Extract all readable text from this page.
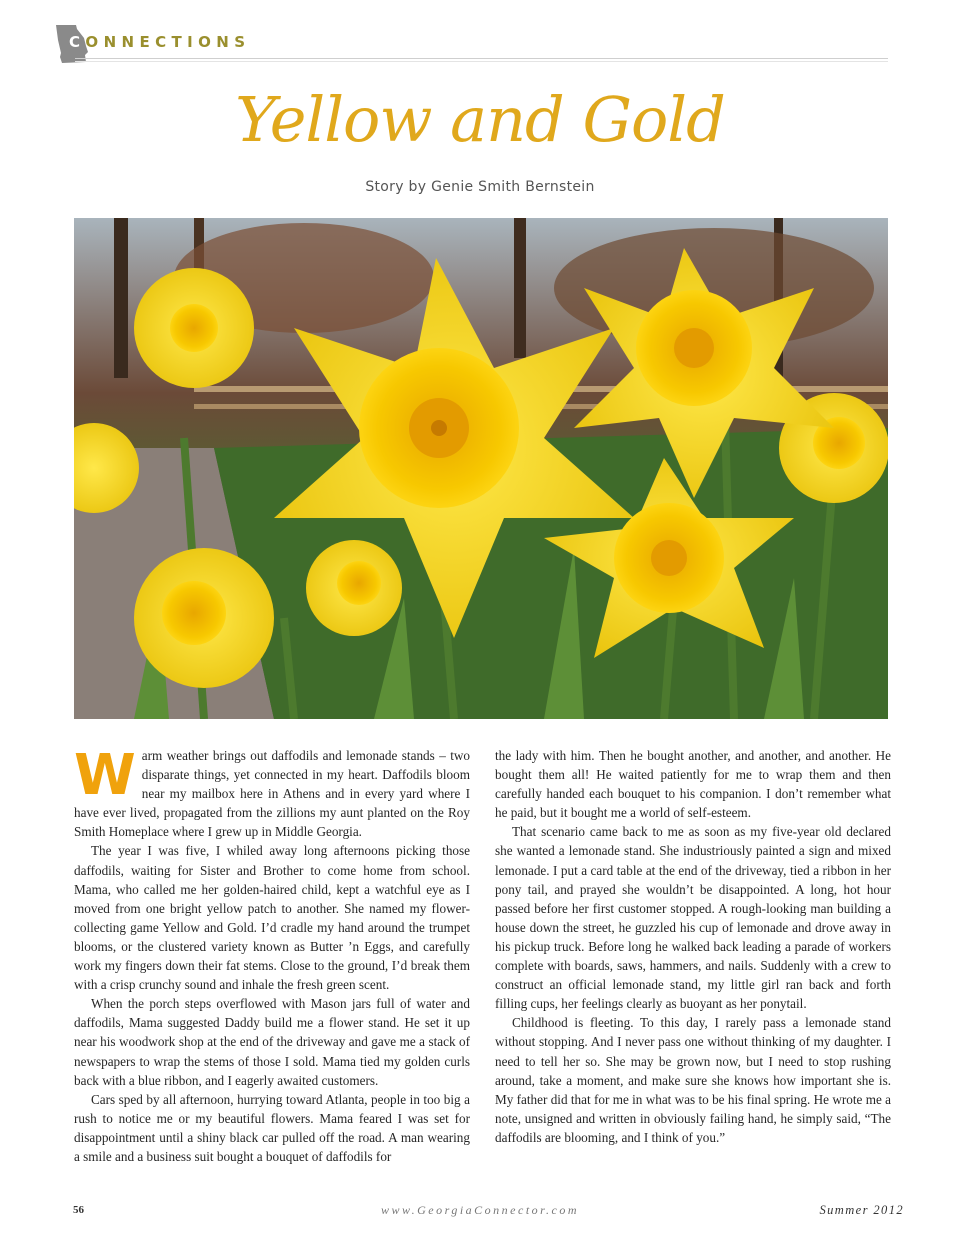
CONNECTIONS
Yellow and Gold
Story by Genie Smith Bernstein

Warm weather brings out daffodils and lemonade stands – two disparate things, yet connected in my heart. Daffodils bloom near my mailbox here in Athens and in every yard where I have ever lived, propagated from the zillions my aunt planted on the Roy Smith Homeplace where I grew up in Middle Georgia.

The year I was five, I whiled away long afternoons picking those daffodils, waiting for Sister and Brother to come home from school. Mama, who called me her golden-haired child, kept a watchful eye as I moved from one bright yellow patch to another. She named my flower-collecting game Yellow and Gold. I’d cradle my hand around the trumpet blooms, or the clustered variety known as Butter ’n Eggs, and carefully work my fingers down their fat stems. Close to the ground, I’d break them with a crisp crunchy sound and inhale the fresh green scent.

When the porch steps overflowed with Mason jars full of water and daffodils, Mama suggested Daddy build me a flower stand. He set it up near his woodwork shop at the end of the driveway and gave me a stack of newspapers to wrap the stems of those I sold. Mama tied my golden curls back with a blue ribbon, and I eagerly awaited customers.

Cars sped by all afternoon, hurrying toward Atlanta, people in too big a rush to notice me or my beautiful flowers. Mama feared I was set for disappointment until a shiny black car pulled off the road. A man wearing a smile and a business suit bought a bouquet of daffodils for

the lady with him. Then he bought another, and another, and another. He bought them all! He waited patiently for me to wrap them and then carefully handed each bouquet to his companion. I don’t remember what he paid, but it bought me a world of self-esteem.

That scenario came back to me as soon as my five-year old declared she wanted a lemonade stand. She industriously painted a sign and mixed lemonade. I put a card table at the end of the driveway, tied a ribbon in her pony tail, and prayed she wouldn’t be disappointed. A long, hot hour passed before her first customer stopped. A rough-looking man building a house down the street, he guzzled his cup of lemonade and drove away in his pickup truck. Before long he walked back leading a parade of workers complete with boards, saws, hammers, and nails. Suddenly with a crew to construct an official lemonade stand, my little girl ran back and forth filling cups, her feelings clearly as buoyant as her ponytail.

Childhood is fleeting. To this day, I rarely pass a lemonade stand without stopping. And I never pass one without thinking of my daughter. I need to tell her so. She may be grown now, but I need to stop rushing around, take a moment, and make sure she knows how important she is. My father did that for me in what was to be his final spring. He wrote me a note, unsigned and written in obviously failing hand, he simply said, “The daffodils are blooming, and I think of you.”

56	www.GeorgiaConnector.com	Summer 2012
